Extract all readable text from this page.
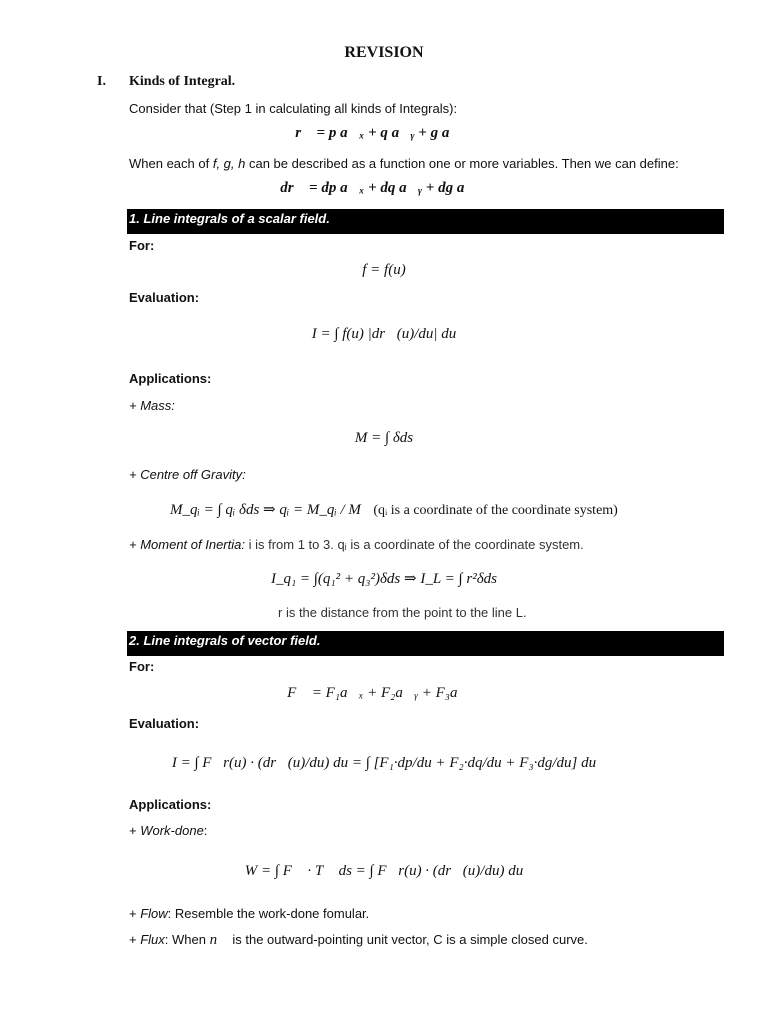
REVISION
I. Kinds of Integral.
Consider that (Step 1 in calculating all kinds of Integrals):
r⃗ = p a⃗ₓ + q a⃗ᵧ + g a⃗𝓏
When each of f, g, h can be described as a function one or more variables. Then we can define:
dr⃗ = dp a⃗ₓ + dq a⃗ᵧ + dg a⃗𝓏
1. Line integrals of a scalar field.
For:
f = f(u)
Evaluation:
I = ∫ f(u) |dr⃗(u)/du| du
Applications:
+ Mass:
M = ∫ δds
+ Centre off Gravity:
M_qᵢ = ∫ qᵢ δds ⇒ qᵢ = M_qᵢ / M (qᵢ is a coordinate of the coordinate system)
+ Moment of Inertia: i is from 1 to 3. qᵢ is a coordinate of the coordinate system.
I_q₁ = ∫(q₁² + q₃²)δds ⇒ I_L = ∫ r²δds
r is the distance from the point to the line L.
2. Line integrals of vector field.
For:
F⃗ = F₁a⃗ₓ + F₂a⃗ᵧ + F₃a⃗𝓏
Evaluation:
I = ∫ F⃗r(u) · (dr⃗(u)/du) du = ∫ [F₁·dp/du + F₂·dq/du + F₃·dg/du] du
Applications:
+ Work-done:
W = ∫ F⃗ · T⃗ ds = ∫ F⃗r(u) · (dr⃗(u)/du) du
+ Flow: Resemble the work-done fomular.
+ Flux: When n⃗ is the outward-pointing unit vector, C is a simple closed curve.
